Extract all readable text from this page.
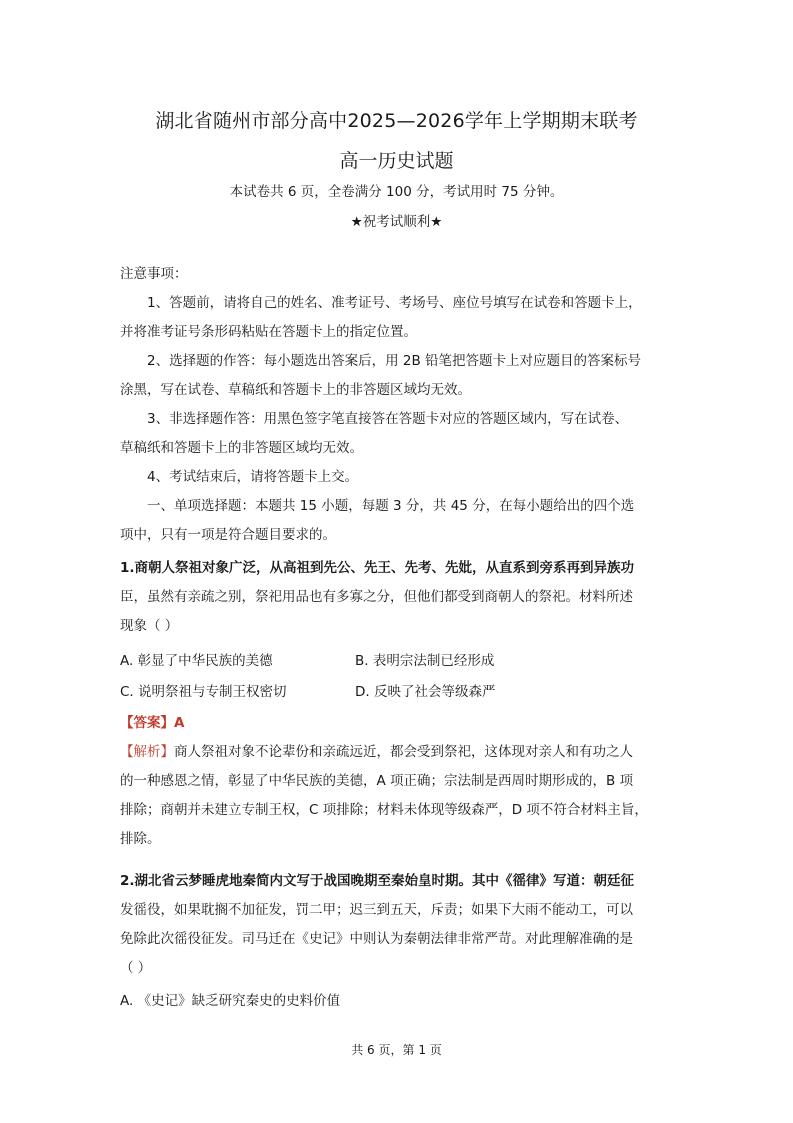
湖北省随州市部分高中2025—2026学年上学期期末联考
高一历史试题
本试卷共 6 页，全卷满分 100 分，考试用时 75 分钟。
★祝考试顺利★
注意事项：
1、答题前，请将自己的姓名、准考证号、考场号、座位号填写在试卷和答题卡上，
并将准考证号条形码粘贴在答题卡上的指定位置。
2、选择题的作答：每小题选出答案后，用 2B 铅笔把答题卡上对应题目的答案标号
涂黑，写在试卷、草稿纸和答题卡上的非答题区域均无效。
3、非选择题作答：用黑色签字笔直接答在答题卡对应的答题区域内，写在试卷、
草稿纸和答题卡上的非答题区域均无效。
4、考试结束后，请将答题卡上交。
一、单项选择题：本题共 15 小题，每题 3 分，共 45 分，在每小题给出的四个选
项中，只有一项是符合题目要求的。
1.商朝人祭祖对象广泛，从高祖到先公、先王、先考、先妣，从直系到旁系再到异族功
臣，虽然有亲疏之别，祭祀用品也有多寡之分，但他们都受到商朝人的祭祀。材料所述
现象（ ）
A. 彰显了中华民族的美德	B. 表明宗法制已经形成
C. 说明祭祖与专制王权密切	D. 反映了社会等级森严
【答案】A
【解析】商人祭祖对象不论辈份和亲疏远近，都会受到祭祀，这体现对亲人和有功之人
的一种感恩之情，彰显了中华民族的美德，A 项正确；宗法制是西周时期形成的，B 项
排除；商朝并未建立专制王权，C 项排除；材料未体现等级森严，D 项不符合材料主旨，
排除。
2.湖北省云梦睡虎地秦简内文写于战国晚期至秦始皇时期。其中《徭律》写道：朝廷征
发徭役，如果耽搁不加征发，罚二甲；迟三到五天，斥责；如果下大雨不能动工，可以
免除此次徭役征发。司马迁在《史记》中则认为秦朝法律非常严苛。对此理解准确的是
（ ）
A. 《史记》缺乏研究秦史的史料价值
共 6 页，第 1 页
